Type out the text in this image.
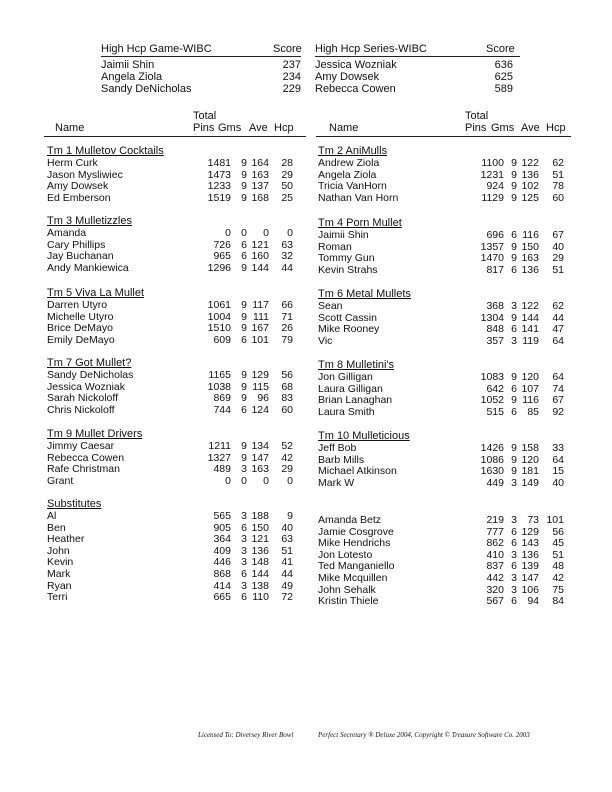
High Hcp Game-WIBC	Score
Jaimii Shin	237
Angela Ziola	234
Sandy DeNicholas	229
High Hcp Series-WIBC	Score
Jessica Wozniak	636
Amy Dowsek	625
Rebecca Cowen	589
Name
Total
Pins Gms Ave Hcp	Name
Total
Pins Gms Ave Hcp
Tm 1 Mulletov Cocktails
Herm Curk	1481 9 164 28
Jason Mysliwiec	1473 9 163 29
Amy Dowsek	1233 9 137 50
Ed Emberson	1519 9 168 25
Tm 3 Mulletizzles
Amanda	0 0 0 0
Cary Phillips	726 6 121 63
Jay Buchanan	965 6 160 32
Andy Mankiewica	1296 9 144 44
Tm 5 Viva La Mullet
Darren Utyro	1061 9 117 66
Michelle Utyro	1004 9 111 71
Brice DeMayo	1510 9 167 26
Emily DeMayo	609 6 101 79
Tm 7 Got Mullet?
Sandy DeNicholas	1165 9 129 56
Jessica Wozniak	1038 9 115 68
Sarah Nickoloff	869 9 96 83
Chris Nickoloff	744 6 124 60
Tm 9 Mullet Drivers
Jimmy Caesar	1211 9 134 52
Rebecca Cowen	1327 9 147 42
Rafe Christman	489 3 163 29
Grant	0 0 0 0
Substitutes
Al	565 3 188 9
Ben	905 6 150 40
Heather	364 3 121 63
John	409 3 136 51
Kevin	446 3 148 41
Mark	868 6 144 44
Ryan	414 3 138 49
Terri	665 6 110 72
Tm 2 AniMulls
Andrew Ziola	1100 9 122 62
Angela Ziola	1231 9 136 51
Tricia VanHorn	924 9 102 78
Nathan Van Horn	1129 9 125 60
Tm 4 Porn Mullet
Jaimii Shin	696 6 116 67
Roman	1357 9 150 40
Tommy Gun	1470 9 163 29
Kevin Strahs	817 6 136 51
Tm 6 Metal Mullets
Sean	368 3 122 62
Scott Cassin	1304 9 144 44
Mike Rooney	848 6 141 47
Vic	357 3 119 64
Tm 8 Mulletini's
Jon Gilligan	1083 9 120 64
Laura Gilligan	642 6 107 74
Brian Lanaghan	1052 9 116 67
Laura Smith	515 6 85 92
Tm 10 Mulleticious
Jeff Bob	1426 9 158 33
Barb Mills	1086 9 120 64
Michael Atkinson	1630 9 181 15
Mark W	449 3 149 40
Amanda Betz	219 3 73 101
Jamie Cosgrove	777 6 129 56
Mike Hendrichs	862 6 143 45
Jon Lotesto	410 3 136 51
Ted Manganiello	837 6 139 48
Mike Mcquillen	442 3 147 42
John Sehalk	320 3 106 75
Kristin Thiele	567 6 94 84
Licensed To: Diversey River Bowl	Perfect Secretary ® Deluxe 2004, Copyright © Treasure Software Co. 2003
